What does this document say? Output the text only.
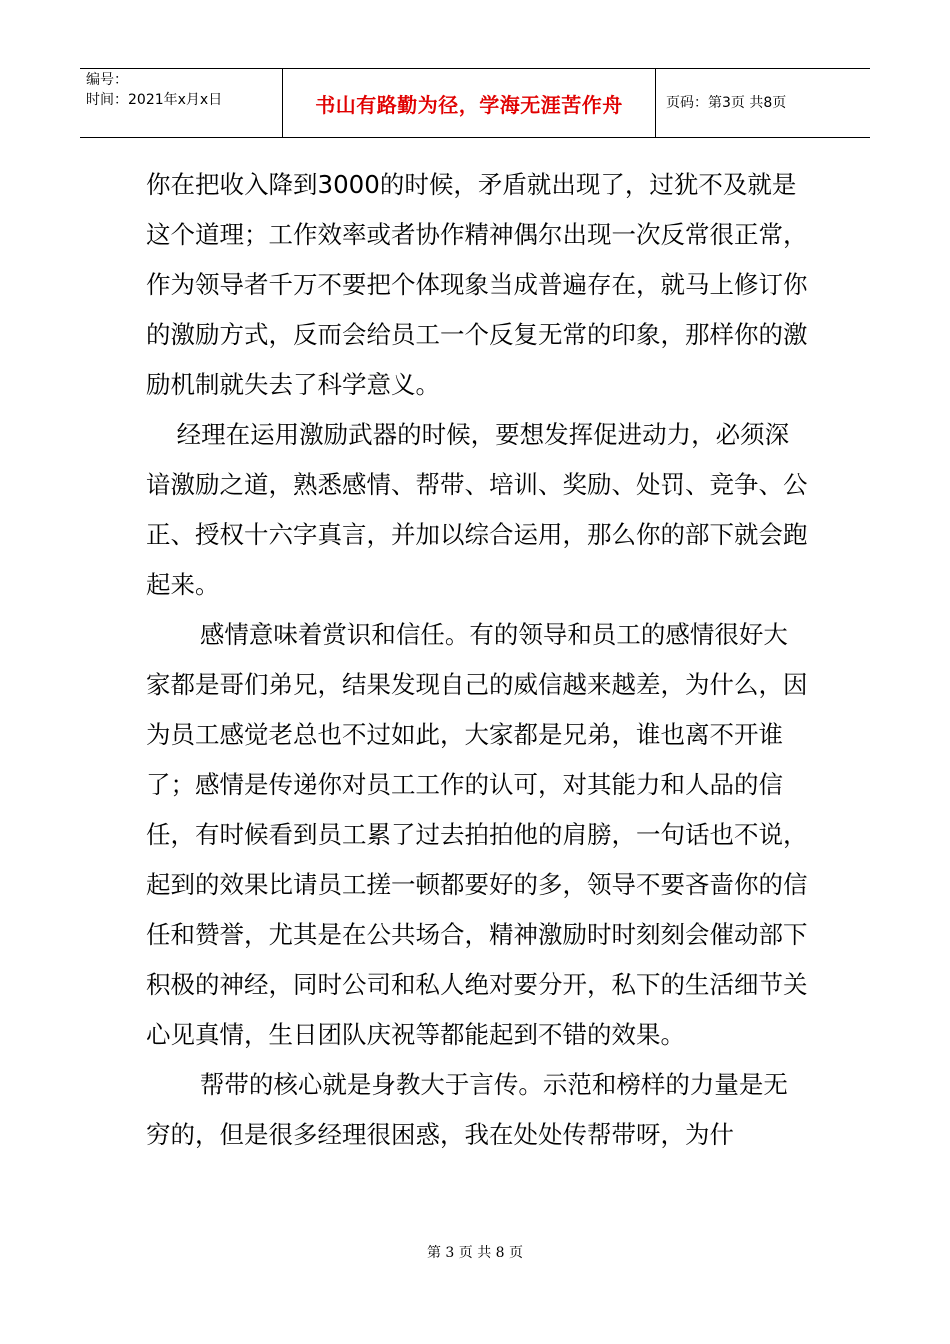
编号：
时间：2021年x月x日	书山有路勤为径，学海无涯苦作舟	页码：第3页 共8页

你在把收入降到3000的时候，矛盾就出现了，过犹不及就是这个道理；工作效率或者协作精神偶尔出现一次反常很正常，作为领导者千万不要把个体现象当成普遍存在，就马上修订你的激励方式，反而会给员工一个反复无常的印象，那样你的激励机制就失去了科学意义。

经理在运用激励武器的时候，要想发挥促进动力，必须深谙激励之道，熟悉感情、帮带、培训、奖励、处罚、竞争、公正、授权十六字真言，并加以综合运用，那么你的部下就会跑起来。

感情意味着赏识和信任。有的领导和员工的感情很好大家都是哥们弟兄，结果发现自己的威信越来越差，为什么，因为员工感觉老总也不过如此，大家都是兄弟，谁也离不开谁了；感情是传递你对员工工作的认可，对其能力和人品的信任，有时候看到员工累了过去拍拍他的肩膀，一句话也不说，起到的效果比请员工搓一顿都要好的多，领导不要吝啬你的信任和赞誉，尤其是在公共场合，精神激励时时刻刻会催动部下积极的神经，同时公司和私人绝对要分开，私下的生活细节关心见真情，生日团队庆祝等都能起到不错的效果。

帮带的核心就是身教大于言传。示范和榜样的力量是无穷的，但是很多经理很困惑，我在处处传帮带呀，为什

第 3 页 共 8 页
